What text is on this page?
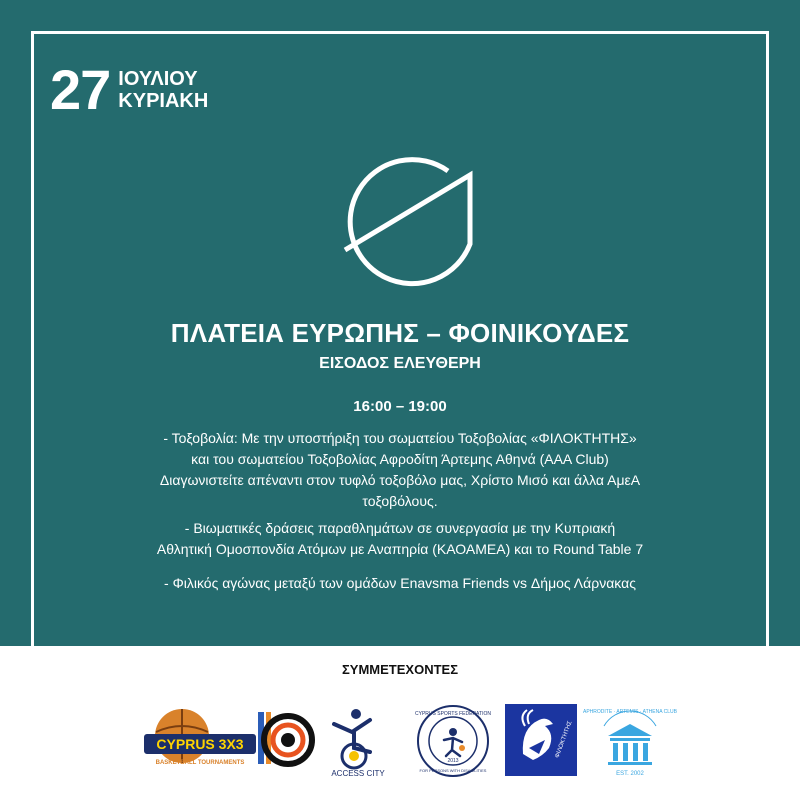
27 ΙΟΥΛΙΟΥ
ΚΥΡΙΑΚΗ
ΠΛΑΤΕΙΑ ΕΥΡΩΠΗΣ – ΦΟΙΝΙΚΟΥΔΕΣ
ΕΙΣΟΔΟΣ ΕΛΕΥΘΕΡΗ
16:00 – 19:00
- Τοξοβολία: Με την υποστήριξη του σωματείου Τοξοβολίας «ΦΙΛΟΚΤΗΤΗΣ»
και του σωματείου Τοξοβολίας Αφροδίτη Άρτεμης Αθηνά (ΑΑΑ Club)
Διαγωνιστείτε απέναντι στον τυφλό τοξοβόλο μας, Χρίστο Μισό και άλλα ΑμεΑ
τοξοβόλους.
- Βιωματικές δράσεις παραθλημάτων σε συνεργασία με την Κυπριακή
Αθλητική Ομοσπονδία Ατόμων με Αναπηρία (ΚΑΟΑΜΕΑ) και το Round Table 7
- Φιλικός αγώνας μεταξύ των ομάδων Enavsma Friends vs Δήμος Λάρνακας
ΣΥΜΜΕΤΕΧΟΝΤΕΣ
CYPRUS 3X3
BASKETBALL TOURNAMENTS
ACCESS CITY
CYPRUS SPORTS FEDERATION
2013
FOR PERSONS WITH DISABILITIES
ΦΙΛΟΚΤΗΤΗΣ
APHRODITE · ARTEMIS · ATHENA CLUB
EST. 2002
